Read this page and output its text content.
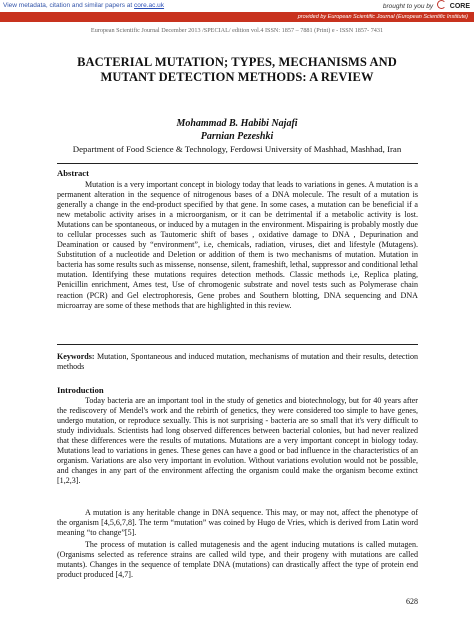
View metadata, citation and similar papers at core.ac.uk	brought to you by CORE
provided by European Scientific Journal (European Scientific Institute)
European Scientific Journal December 2013 /SPECIAL/ edition vol.4 ISSN: 1857 – 7881 (Print) e - ISSN 1857- 7431
BACTERIAL MUTATION; TYPES, MECHANISMS AND
MUTANT DETECTION METHODS: A REVIEW
Mohammad B. Habibi Najafi
Parnian Pezeshki
Department of Food Science & Technology, Ferdowsi University of Mashhad, Mashhad, Iran
Abstract

Mutation is a very important concept in biology today that leads to variations in genes. A mutation is a permanent alteration in the sequence of nitrogenous bases of a DNA molecule. The result of a mutation is generally a change in the end-product specified by that gene. In some cases, a mutation can be beneficial if a new metabolic activity arises in a microorganism, or it can be detrimental if a metabolic activity is lost. Mutations can be spontaneous, or induced by a mutagen in the environment. Mispairing is probably mostly due to cellular processes such as Tautomeric shift of bases , oxidative damage to DNA , Depurination and Deamination or caused by “environment”, i.e, chemicals, radiation, viruses, diet and lifestyle (Mutagens). Substitution of a nucleotide and Deletion or addition of them is two mechanisms of mutation. Mutation in bacteria has some results such as missense, nonsense, silent, frameshift, lethal, suppressor and conditional lethal mutation. Identifying these mutations requires detection methods. Classic methods i,e, Replica plating, Penicillin enrichment, Ames test, Use of chromogenic substrate and novel tests such as Polymerase chain reaction (PCR) and Gel electrophoresis, Gene probes and Southern blotting, DNA sequencing and DNA microarray are some of these methods that are highlighted in this review.

Keywords: Mutation, Spontaneous and induced mutation, mechanisms of mutation and their results, detection methods
Introduction

Today bacteria are an important tool in the study of genetics and biotechnology, but for 40 years after the rediscovery of Mendel's work and the rebirth of genetics, they were considered too simple to have genes, undergo mutation, or reproduce sexually. This is not surprising - bacteria are so small that it's very difficult to study individuals. Scientists had long observed differences between bacterial colonies, but had never realized that these differences were the results of mutations. Mutations are a very important concept in biology today. Mutations lead to variations in genes. These genes can have a good or bad influence in the characteristics of an organism. Variations are also very important in evolution. Without variations evolution would not be possible, and changes in any part of the environment affecting the organism could make the organism become extinct [1,2,3].

A mutation is any heritable change in DNA sequence. This may, or may not, affect the phenotype of the organism [4,5,6,7,8]. The term “mutation” was coined by Hugo de Vries, which is derived from Latin word meaning “to change”[5].

The process of mutation is called mutagenesis and the agent inducing mutations is called mutagen. (Organisms selected as reference strains are called wild type, and their progeny with mutations are called mutants). Changes in the sequence of template DNA (mutations) can drastically affect the type of protein end product produced [4,7].

628
